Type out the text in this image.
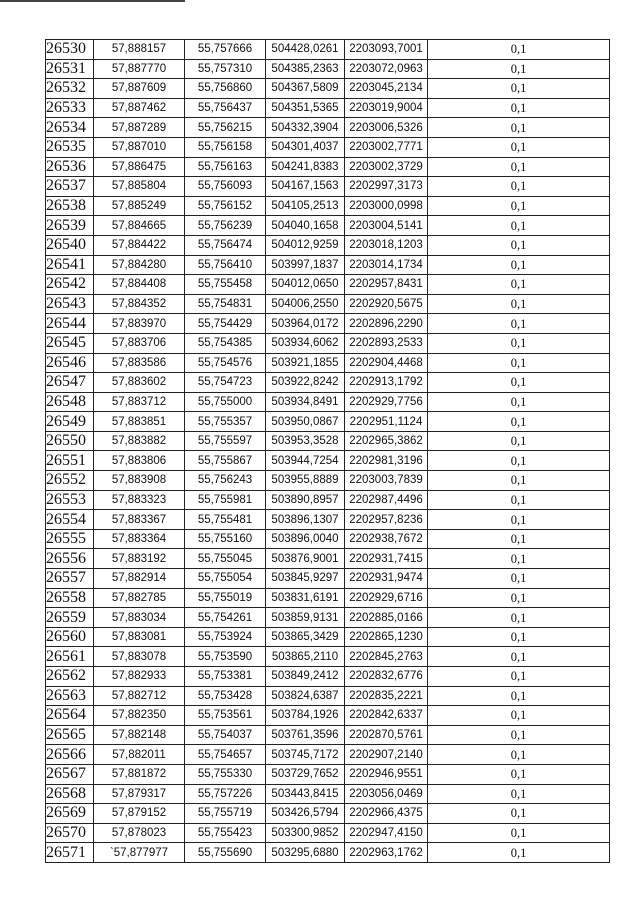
26530	57,888157	55,757666	504428,0261	2203093,7001	0,1
26531	57,887770	55,757310	504385,2363	2203072,0963	0,1
26532	57,887609	55,756860	504367,5809	2203045,2134	0,1
26533	57,887462	55,756437	504351,5365	2203019,9004	0,1
26534	57,887289	55,756215	504332,3904	2203006,5326	0,1
26535	57,887010	55,756158	504301,4037	2203002,7771	0,1
26536	57,886475	55,756163	504241,8383	2203002,3729	0,1
26537	57,885804	55,756093	504167,1563	2202997,3173	0,1
26538	57,885249	55,756152	504105,2513	2203000,0998	0,1
26539	57,884665	55,756239	504040,1658	2203004,5141	0,1
26540	57,884422	55,756474	504012,9259	2203018,1203	0,1
26541	57,884280	55,756410	503997,1837	2203014,1734	0,1
26542	57,884408	55,755458	504012,0650	2202957,8431	0,1
26543	57,884352	55,754831	504006,2550	2202920,5675	0,1
26544	57,883970	55,754429	503964,0172	2202896,2290	0,1
26545	57,883706	55,754385	503934,6062	2202893,2533	0,1
26546	57,883586	55,754576	503921,1855	2202904,4468	0,1
26547	57,883602	55,754723	503922,8242	2202913,1792	0,1
26548	57,883712	55,755000	503934,8491	2202929,7756	0,1
26549	57,883851	55,755357	503950,0867	2202951,1124	0,1
26550	57,883882	55,755597	503953,3528	2202965,3862	0,1
26551	57,883806	55,755867	503944,7254	2202981,3196	0,1
26552	57,883908	55,756243	503955,8889	2203003,7839	0,1
26553	57,883323	55,755981	503890,8957	2202987,4496	0,1
26554	57,883367	55,755481	503896,1307	2202957,8236	0,1
26555	57,883364	55,755160	503896,0040	2202938,7672	0,1
26556	57,883192	55,755045	503876,9001	2202931,7415	0,1
26557	57,882914	55,755054	503845,9297	2202931,9474	0,1
26558	57,882785	55,755019	503831,6191	2202929,6716	0,1
26559	57,883034	55,754261	503859,9131	2202885,0166	0,1
26560	57,883081	55,753924	503865,3429	2202865,1230	0,1
26561	57,883078	55,753590	503865,2110	2202845,2763	0,1
26562	57,882933	55,753381	503849,2412	2202832,6776	0,1
26563	57,882712	55,753428	503824,6387	2202835,2221	0,1
26564	57,882350	55,753561	503784,1926	2202842,6337	0,1
26565	57,882148	55,754037	503761,3596	2202870,5761	0,1
26566	57,882011	55,754657	503745,7172	2202907,2140	0,1
26567	57,881872	55,755330	503729,7652	2202946,9551	0,1
26568	57,879317	55,757226	503443,8415	2203056,0469	0,1
26569	57,879152	55,755719	503426,5794	2202966,4375	0,1
26570	57,878023	55,755423	503300,9852	2202947,4150	0,1
26571	`57,877977	55,755690	503295,6880	2202963,1762	0,1
